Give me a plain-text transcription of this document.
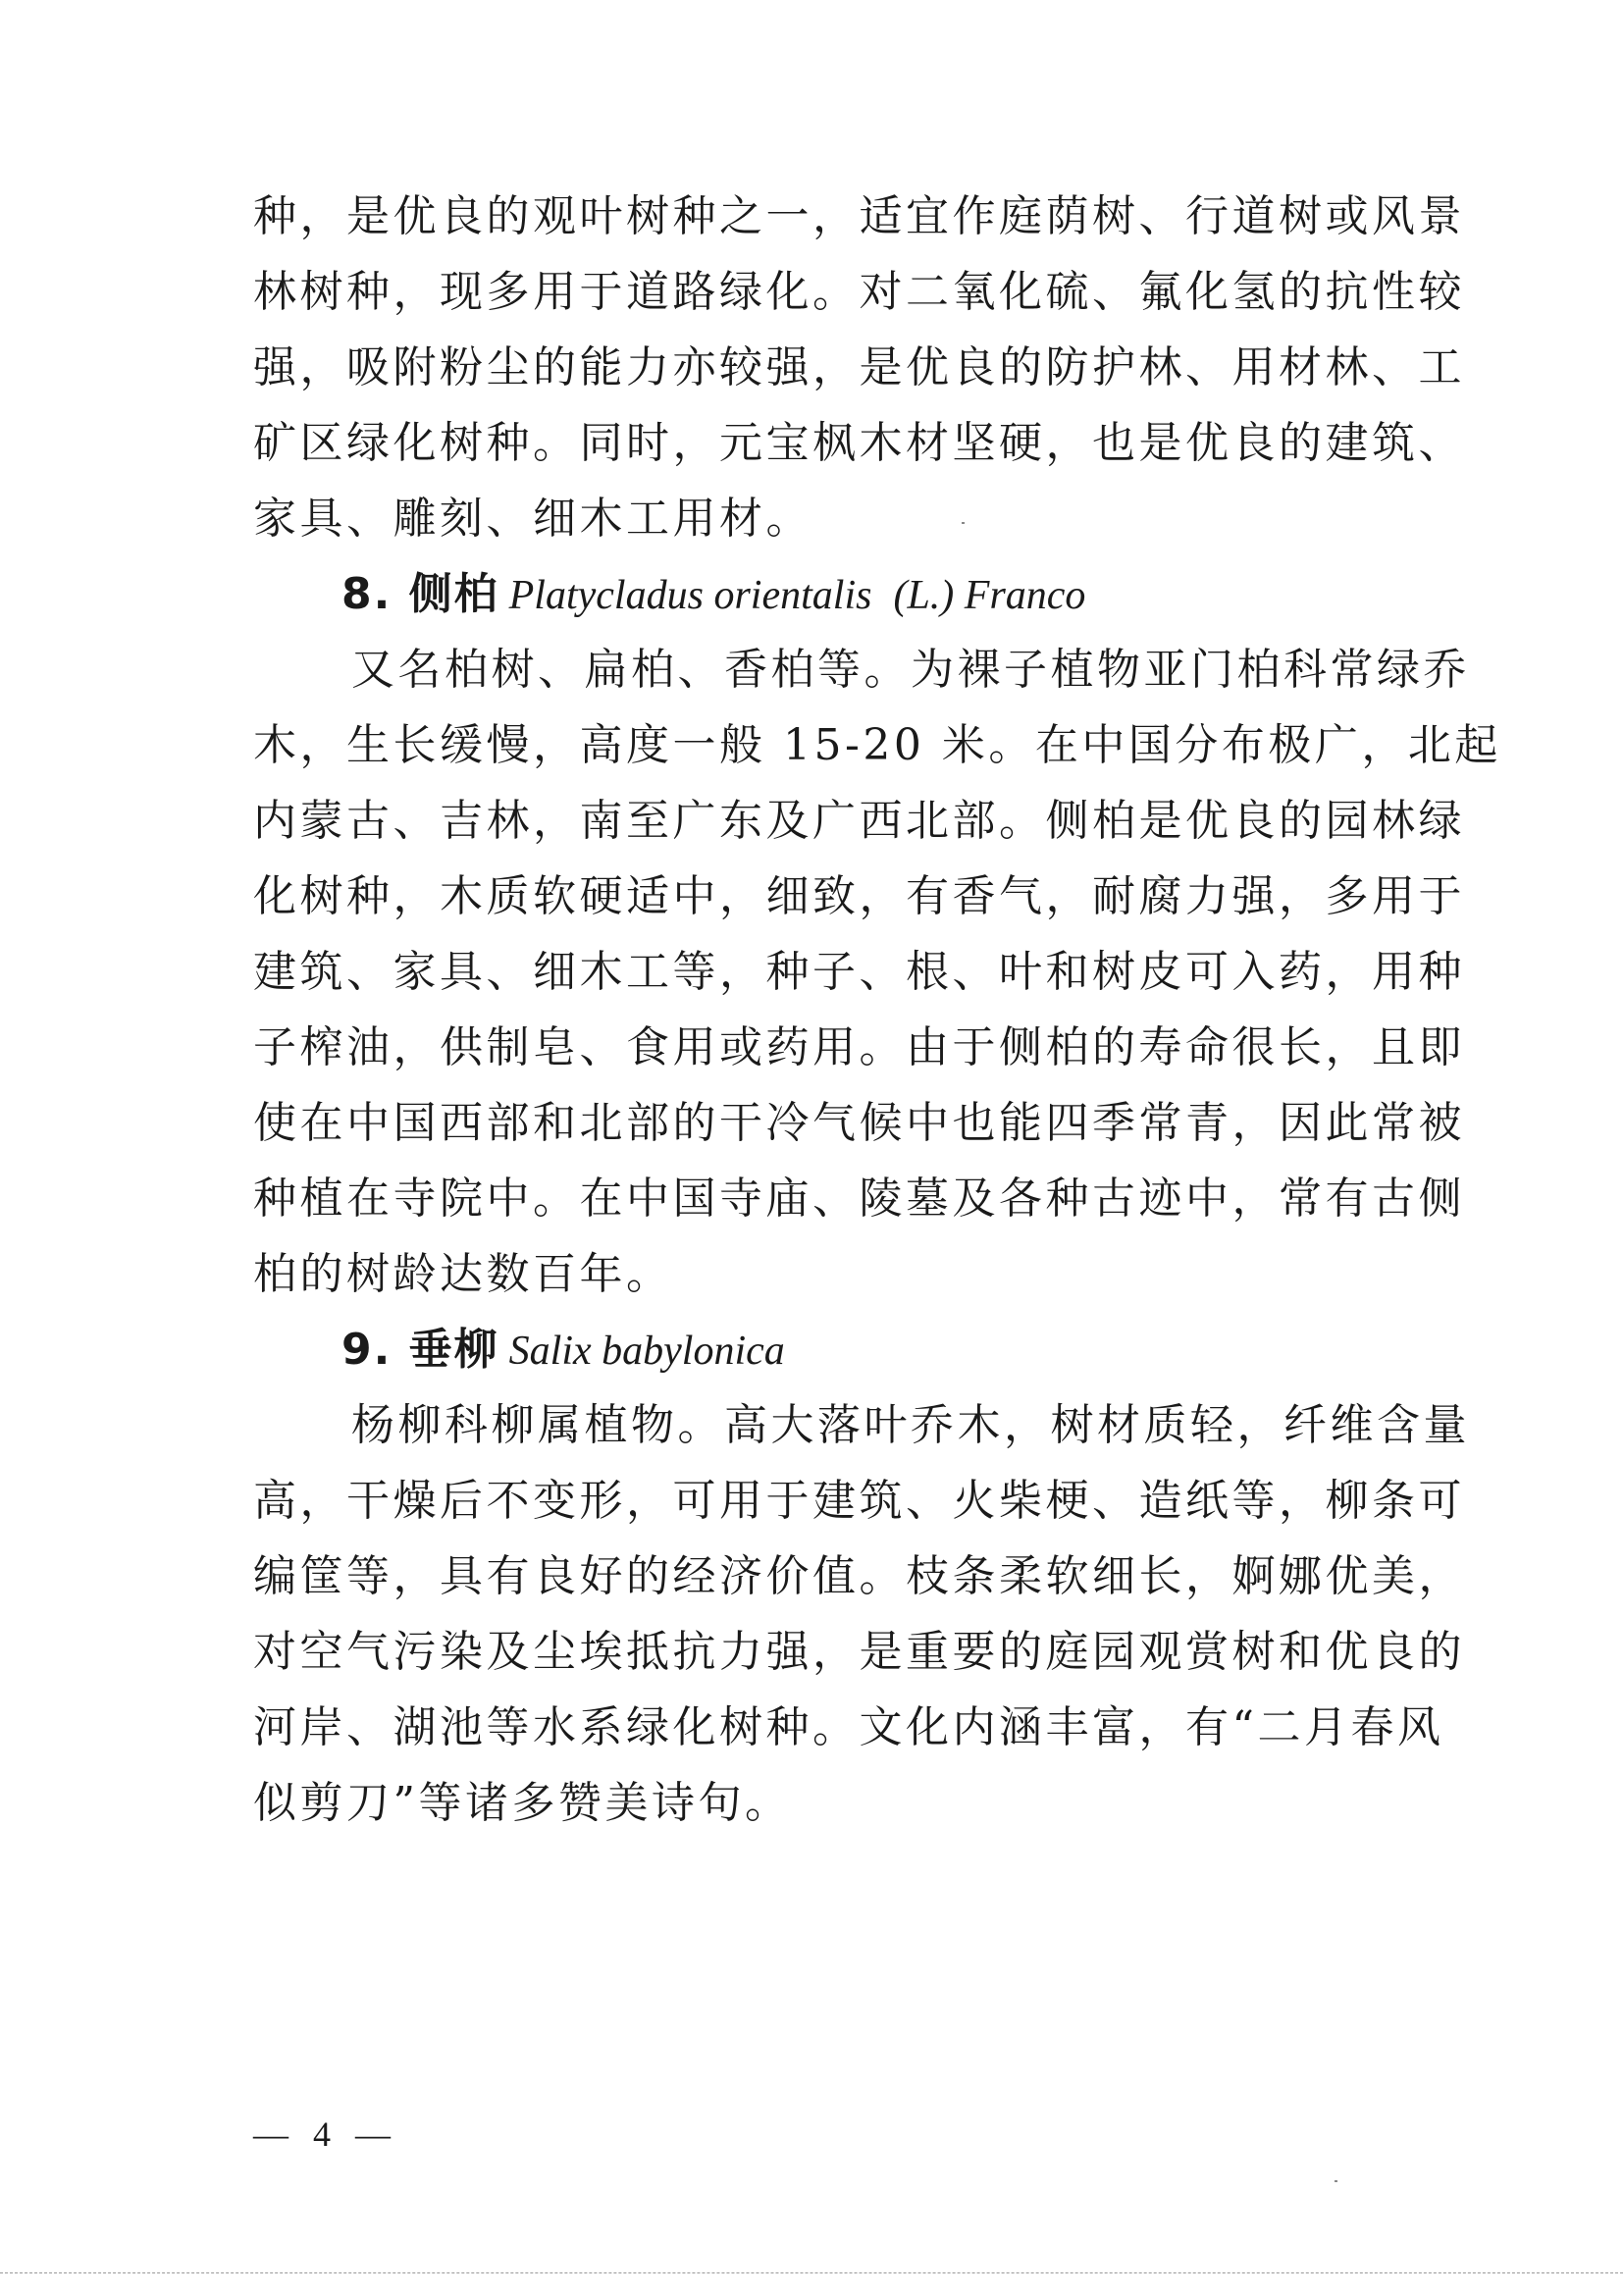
种，是优良的观叶树种之一，适宜作庭荫树、行道树或风景
林树种，现多用于道路绿化。对二氧化硫、氟化氢的抗性较
强，吸附粉尘的能力亦较强，是优良的防护林、用材林、工
矿区绿化树种。同时，元宝枫木材坚硬，也是优良的建筑、
家具、雕刻、细木工用材。
8. 侧柏 Platycladus orientalis (L.) Franco
又名柏树、扁柏、香柏等。为裸子植物亚门柏科常绿乔
木，生长缓慢，高度一般 15-20 米。在中国分布极广，北起
内蒙古、吉林，南至广东及广西北部。侧柏是优良的园林绿
化树种，木质软硬适中，细致，有香气，耐腐力强，多用于
建筑、家具、细木工等，种子、根、叶和树皮可入药，用种
子榨油，供制皂、食用或药用。由于侧柏的寿命很长，且即
使在中国西部和北部的干冷气候中也能四季常青，因此常被
种植在寺院中。在中国寺庙、陵墓及各种古迹中，常有古侧
柏的树龄达数百年。
9. 垂柳 Salix babylonica
杨柳科柳属植物。高大落叶乔木，树材质轻，纤维含量
高，干燥后不变形，可用于建筑、火柴梗、造纸等，柳条可
编筐等，具有良好的经济价值。枝条柔软细长，婀娜优美，
对空气污染及尘埃抵抗力强，是重要的庭园观赏树和优良的
河岸、湖池等水系绿化树种。文化内涵丰富，有“二月春风
似剪刀”等诸多赞美诗句。
— 4 —
